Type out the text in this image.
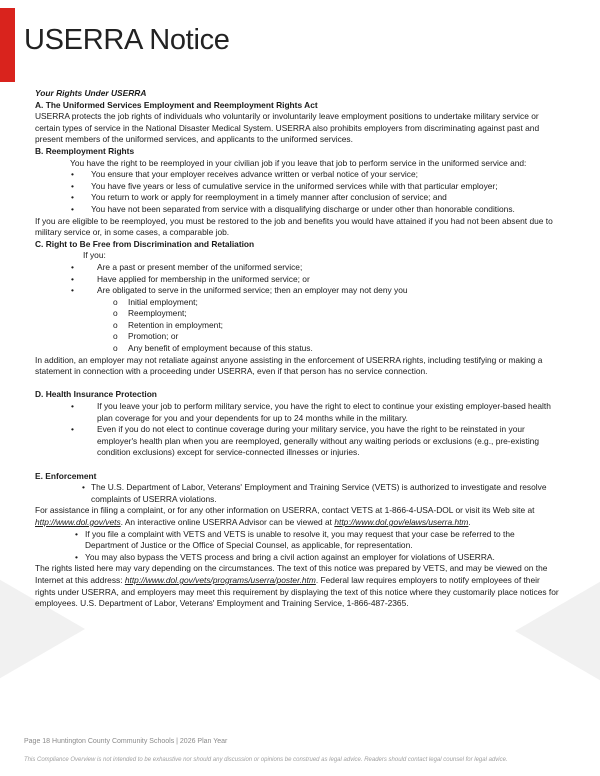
USERRA Notice

Your Rights Under USERRA

A. The Uniformed Services Employment and Reemployment Rights Act

USERRA protects the job rights of individuals who voluntarily or involuntarily leave employment positions to undertake military service or certain types of service in the National Disaster Medical System. USERRA also prohibits employers from discriminating against past and present members of the uniformed services, and applicants to the uniformed services.

B. Reemployment Rights

You have the right to be reemployed in your civilian job if you leave that job to perform service in the uniformed service and:
• You ensure that your employer receives advance written or verbal notice of your service;
• You have five years or less of cumulative service in the uniformed services while with that particular employer;
• You return to work or apply for reemployment in a timely manner after conclusion of service; and
• You have not been separated from service with a disqualifying discharge or under other than honorable conditions.

If you are eligible to be reemployed, you must be restored to the job and benefits you would have attained if you had not been absent due to military service or, in some cases, a comparable job.

C. Right to Be Free from Discrimination and Retaliation

If you:

•	Are a past or present member of the uniformed service;
•	Have applied for membership in the uniformed service; or
•	Are obligated to serve in the uniformed service; then an employer may not deny you
o Initial employment;
o Reemployment;
o Retention in employment;
o Promotion; or
o Any benefit of employment because of this status.

In addition, an employer may not retaliate against anyone assisting in the enforcement of USERRA rights, including testifying or making a statement in connection with a proceeding under USERRA, even if that person has no service connection.

D. Health Insurance Protection

•	If you leave your job to perform military service, you have the right to elect to continue your existing employer-based health plan coverage for you and your dependents for up to 24 months while in the military.
•	Even if you do not elect to continue coverage during your military service, you have the right to be reinstated in your employer's health plan when you are reemployed, generally without any waiting periods or exclusions (e.g., pre-existing condition exclusions) except for service-connected illnesses or injuries.

E. Enforcement

• The U.S. Department of Labor, Veterans' Employment and Training Service (VETS) is authorized to investigate and resolve complaints of USERRA violations.

For assistance in filing a complaint, or for any other information on USERRA, contact VETS at 1-866-4-USA-DOL or visit its Web site at http://www.dol.gov/vets. An interactive online USERRA Advisor can be viewed at http://www.dol.gov/elaws/userra.htm.

• If you file a complaint with VETS and VETS is unable to resolve it, you may request that your case be referred to the Department of Justice or the Office of Special Counsel, as applicable, for representation.
• You may also bypass the VETS process and bring a civil action against an employer for violations of USERRA.

The rights listed here may vary depending on the circumstances. The text of this notice was prepared by VETS, and may be viewed on the Internet at this address: http://www.dol.gov/vets/programs/userra/poster.htm. Federal law requires employers to notify employees of their rights under USERRA, and employers may meet this requirement by displaying the text of this notice where they customarily place notices for employees. U.S. Department of Labor, Veterans' Employment and Training Service, 1-866-487-2365.

Page 18 Huntington County Community Schools | 2026 Plan Year
This Compliance Overview is not intended to be exhaustive nor should any discussion or opinions be construed as legal advice. Readers should contact legal counsel for legal advice.
